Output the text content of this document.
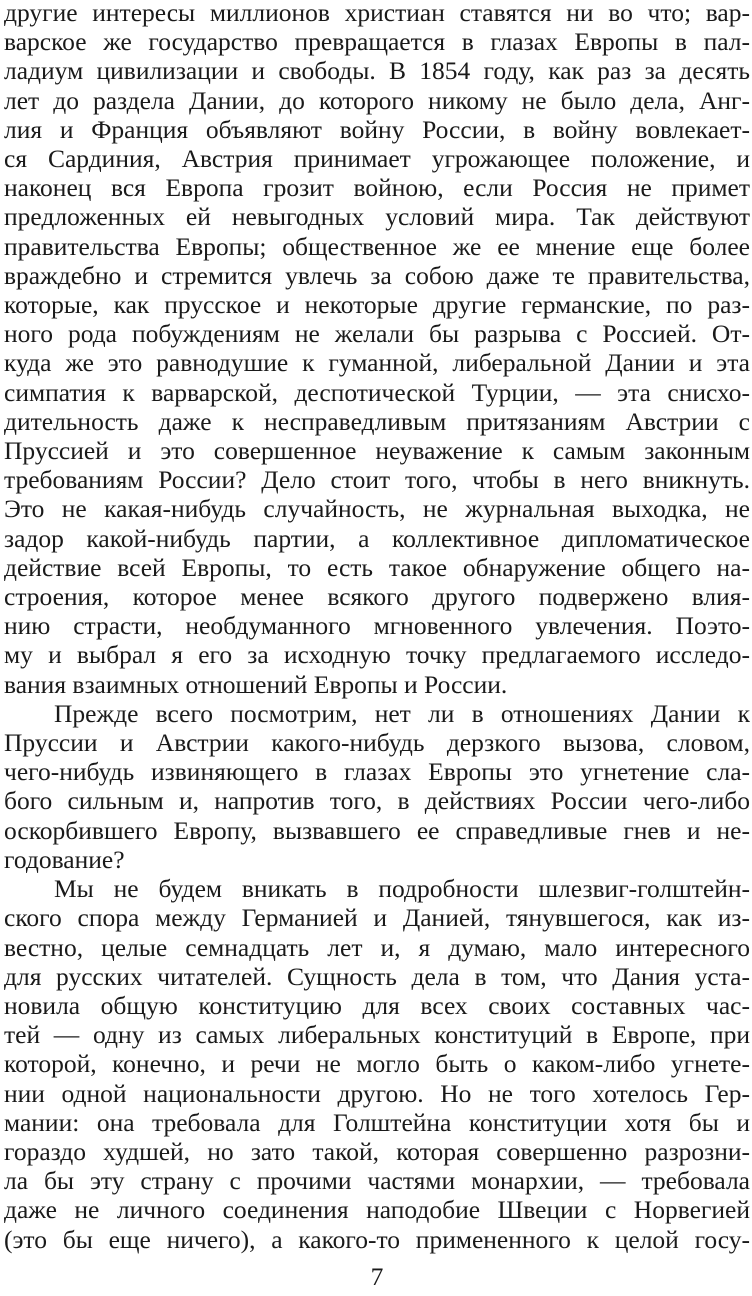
другие интересы миллионов христиан ставятся ни во что; вар-
варское же государство превращается в глазах Европы в пал-
ладиум цивилизации и свободы. В 1854 году, как раз за десять
лет до раздела Дании, до которого никому не было дела, Анг-
лия и Франция объявляют войну России, в войну вовлекает-
ся Сардиния, Австрия принимает угрожающее положение, и
наконец вся Европа грозит войною, если Россия не примет
предложенных ей невыгодных условий мира. Так действуют
правительства Европы; общественное же ее мнение еще более
враждебно и стремится увлечь за собою даже те правительства,
которые, как прусское и некоторые другие германские, по раз-
ного рода побуждениям не желали бы разрыва с Россией. От-
куда же это равнодушие к гуманной, либеральной Дании и эта
симпатия к варварской, деспотической Турции, — эта снисхо-
дительность даже к несправедливым притязаниям Австрии с
Пруссией и это совершенное неуважение к самым законным
требованиям России? Дело стоит того, чтобы в него вникнуть.
Это не какая-нибудь случайность, не журнальная выходка, не
задор какой-нибудь партии, а коллективное дипломатическое
действие всей Европы, то есть такое обнаружение общего на-
строения, которое менее всякого другого подвержено влия-
нию страсти, необдуманного мгновенного увлечения. Поэто-
му и выбрал я его за исходную точку предлагаемого исследо-
вания взаимных отношений Европы и России.
Прежде всего посмотрим, нет ли в отношениях Дании к
Пруссии и Австрии какого-нибудь дерзкого вызова, словом,
чего-нибудь извиняющего в глазах Европы это угнетение сла-
бого сильным и, напротив того, в действиях России чего-либо
оскорбившего Европу, вызвавшего ее справедливые гнев и не-
годование?
Мы не будем вникать в подробности шлезвиг-голштейн-
ского спора между Германией и Данией, тянувшегося, как из-
вестно, целые семнадцать лет и, я думаю, мало интересного
для русских читателей. Сущность дела в том, что Дания уста-
новила общую конституцию для всех своих составных час-
тей — одну из самых либеральных конституций в Европе, при
которой, конечно, и речи не могло быть о каком-либо угнете-
нии одной национальности другою. Но не того хотелось Гер-
мании: она требовала для Голштейна конституции хотя бы и
гораздо худшей, но зато такой, которая совершенно разрозни-
ла бы эту страну с прочими частями монархии, — требовала
даже не личного соединения наподобие Швеции с Норвегией
(это бы еще ничего), а какого-то примененного к целой госу-
7
